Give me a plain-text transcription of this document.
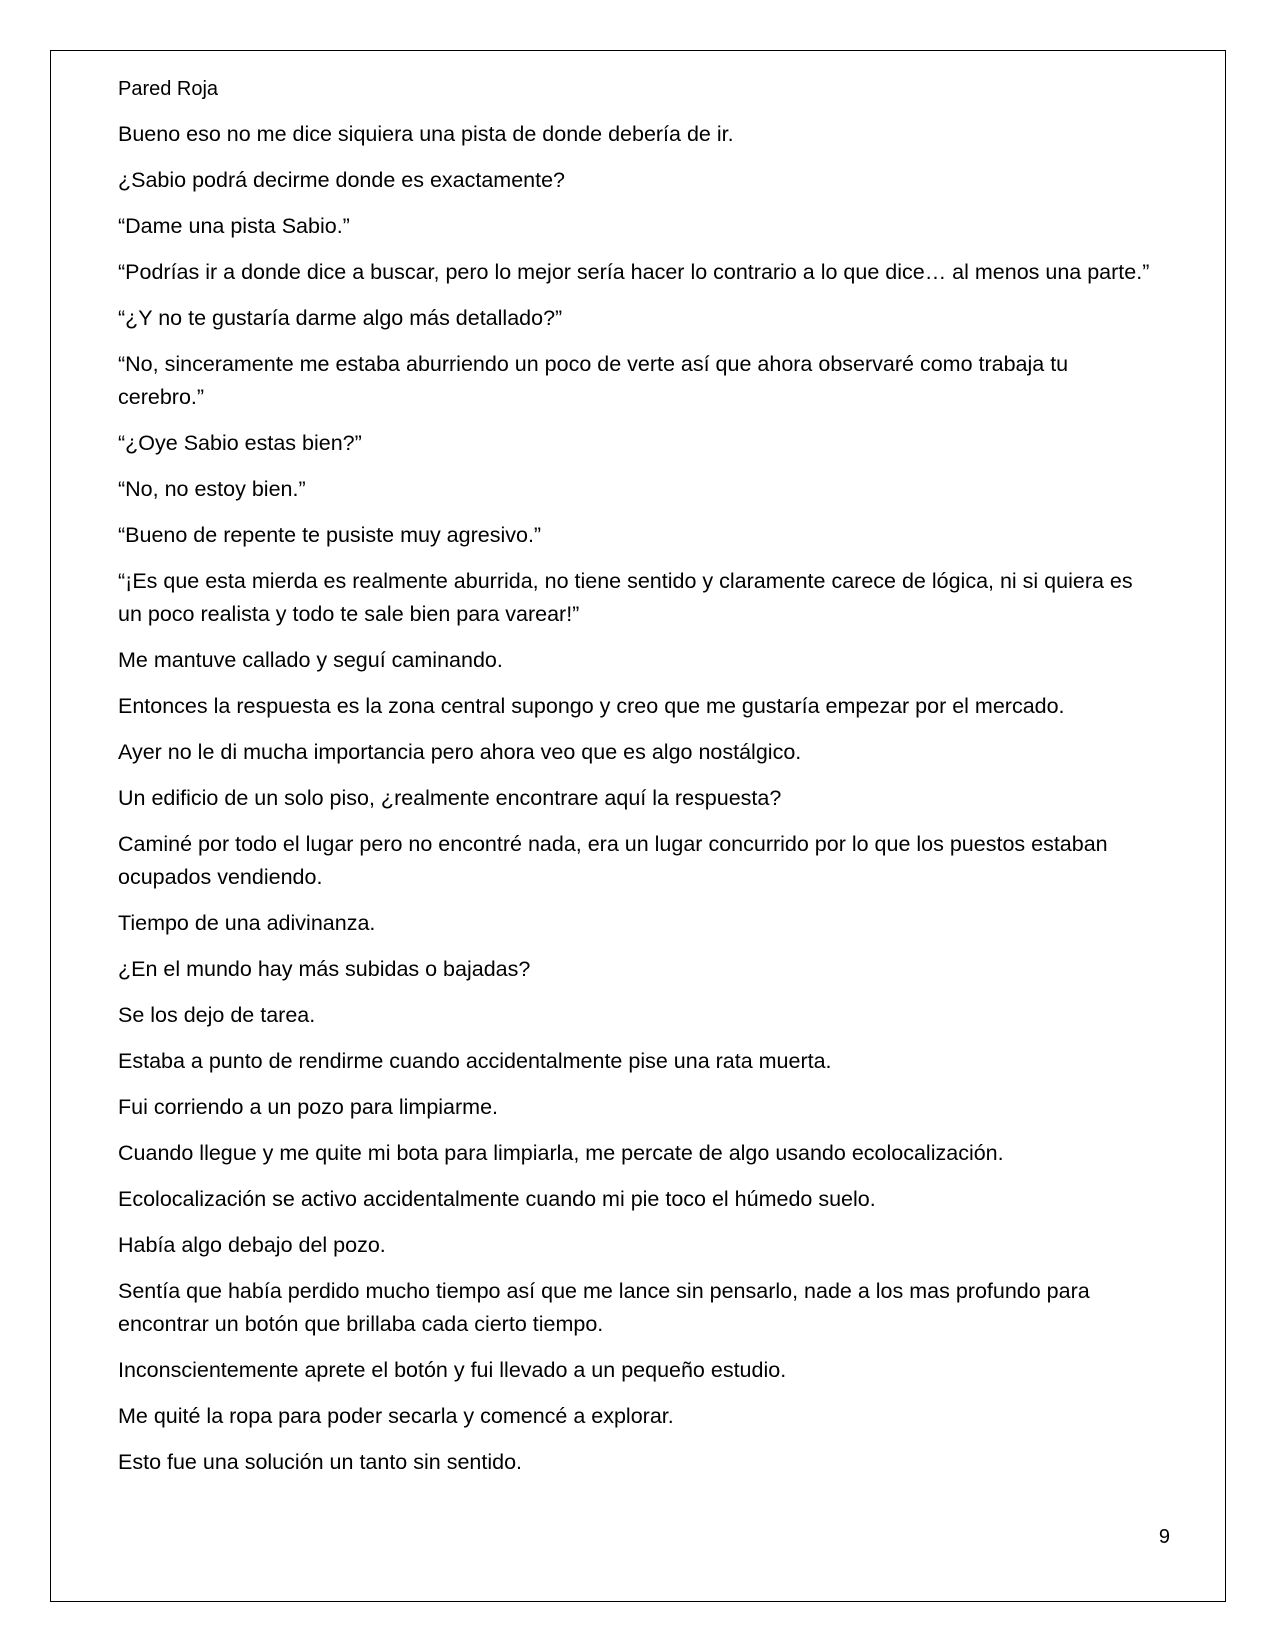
Pared Roja

Bueno eso no me dice siquiera una pista de donde debería de ir.

¿Sabio podrá decirme donde es exactamente?

“Dame una pista Sabio.”

“Podrías ir a donde dice a buscar, pero lo mejor sería hacer lo contrario a lo que dice… al menos una parte.”

“¿Y no te gustaría darme algo más detallado?”

“No, sinceramente me estaba aburriendo un poco de verte así que ahora observaré como trabaja tu cerebro.”

“¿Oye Sabio estas bien?”

“No, no estoy bien.”

“Bueno de repente te pusiste muy agresivo.”

“¡Es que esta mierda es realmente aburrida, no tiene sentido y claramente carece de lógica, ni si quiera es un poco realista y todo te sale bien para varear!”

Me mantuve callado y seguí caminando.

Entonces la respuesta es la zona central supongo y creo que me gustaría empezar por el mercado.

Ayer no le di mucha importancia pero ahora veo que es algo nostálgico.

Un edificio de un solo piso, ¿realmente encontrare aquí la respuesta?

Caminé por todo el lugar pero no encontré nada, era un lugar concurrido por lo que los puestos estaban ocupados vendiendo.

Tiempo de una adivinanza.

¿En el mundo hay más subidas o bajadas?

Se los dejo de tarea.

Estaba a punto de rendirme cuando accidentalmente pise una rata muerta.

Fui corriendo a un pozo para limpiarme.

Cuando llegue y me quite mi bota para limpiarla, me percate de algo usando ecolocalización.

Ecolocalización se activo accidentalmente cuando mi pie toco el húmedo suelo.

Había algo debajo del pozo.

Sentía que había perdido mucho tiempo así que me lance sin pensarlo, nade a los mas profundo para encontrar un botón que brillaba cada cierto tiempo.

Inconscientemente aprete el botón y fui llevado a un pequeño estudio.

Me quité la ropa para poder secarla y comencé a explorar.

Esto fue una solución un tanto sin sentido.

9
